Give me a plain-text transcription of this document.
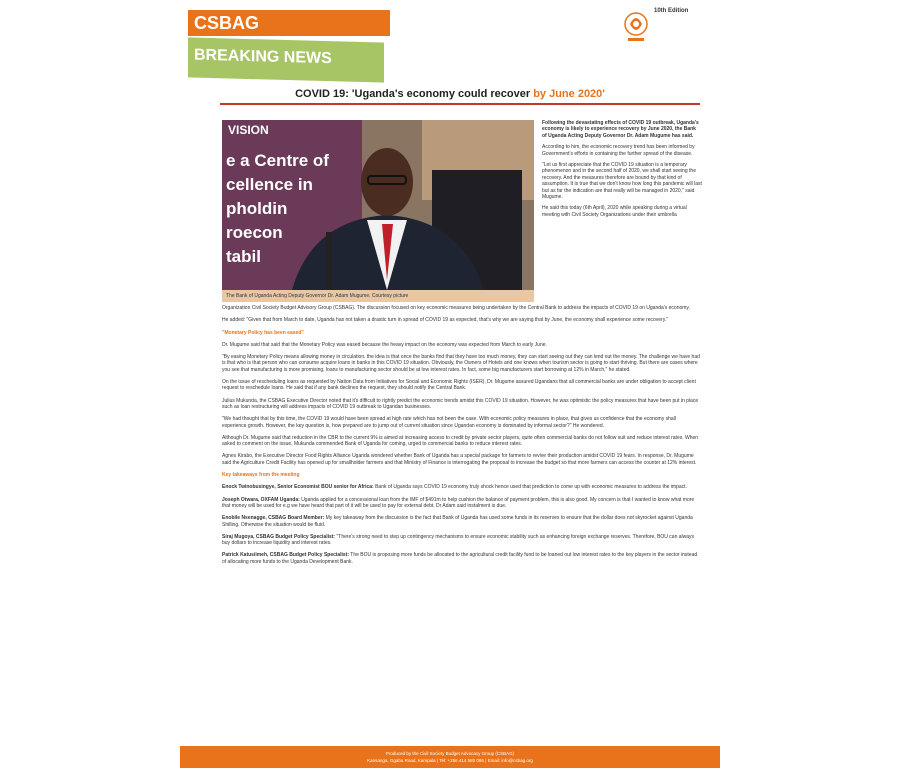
CSBAG
BREAKING NEWS
10th Edition
COVID 19: 'Uganda's economy could recover by June 2020'
VISION
e a Centre of
cellence in
pholdin
roecon
tabil
The Bank of Uganda Acting Deputy Governor Dr. Adam Mugume. Courtesy picture

Following the devastating effects of COVID 19 outbreak, Uganda's economy is likely to experience recovery by June 2020, the Bank of Uganda Acting Deputy Governor Dr. Adam Mugume has said.

According to him, the economic recovery trend has been informed by Government's efforts in containing the further spread of the disease.

"Let us first appreciate that the COVID 19 situation is a temporary phenomenon and in the second half of 2020, we shall start seeing the recovery. And the measures therefore are bound by that kind of assumption. It is true that we don't know how long this pandemic will last but as far the indication are that really will be managed in 2020," said Mugume.

He said this today (6th April), 2020 while speaking during a virtual meeting with Civil Society Organizations under their umbrella

Organization Civil Society Budget Advisory Group (CSBAG). The discussion focused on key economic measures being undertaken by the Central Bank to address the impacts of COVID 19 on Uganda's economy.

He added: "Given that from March to date, Uganda has not taken a drastic turn in spread of COVID 19 as expected, that's why we are saying that by June, the economy shall experience some recovery."

"Monetary Policy has been eased"

Dr. Mugume said that said that the Monetary Policy was eased because the heavy impact on the economy was expected from March to early June.

"By easing Monetary Policy means allowing money in circulation, the idea is that once the banks find that they have too much money, they can start seeing out they can lend out the money. The challenge we have had is that who is that person who can consume acquire loans in banks in this COVID 19 situation. Obviously, the Owners of Hotels and one knows when tourism sector is going to start thriving. But there are cases where you see that manufacturing is more promising, loans to manufacturing sector should be at low interest rates. In fact, some big manufacturers start borrowing at 12% in March," he stated.

On the issue of rescheduling loans as requested by Nation Data from Initiatives for Social and Economic Rights (ISER), Dr. Mugume assured Ugandans that all commercial banks are under obligation to accept client request to reschedule loans. He said that if any bank declines the request, they should notify the Central Bank.

Julius Mukunda, the CSBAG Executive Director noted that it's difficult to rightly predict the economic trends amidst this COVID 19 situation. However, he was optimistic the policy measures that have been put in place such as loan restructuring will address impacts of COVID 19 outbreak to Ugandan businesses.

"We had thought that by this time, the COVID 19 would have been spread at high rate which has not been the case. With economic policy measures in place, that gives us confidence that the economy shall experience growth. However, the key question is, how prepared are to jump out of current situation since Ugandan economy is dominated by informal sector?" He wondered.

Although Dr. Mugume said that reduction in the CBR to the current 9% is aimed at increasing access to credit by private sector players, quite often commercial banks do not follow suit and reduce interest rates. When asked to comment on the issue, Mukunda commended Bank of Uganda for coming, urged to commercial banks to reduce interest rates.

Agnes Kirabo, the Executive Director Food Rights Alliance Uganda wondered whether Bank of Uganda has a special package for farmers to revive their production amidst COVID 19 fears. In response, Dr. Mugume said the Agriculture Credit Facility has opened up for smallholder farmers and that Ministry of Finance is interrogating the proposal to increase the budget so that more farmers can access the counter at 12% interest.

Key takeaways from the meeting

Enock Twinobusingye, Senior Economist BOU senior for Africa: Bank of Uganda says COVID 19 economy truly shock hence used that prediction to come up with economic measures to address the impact.

Joseph Otwara, OXFAM Uganda: Uganda applied for a concessional loan from the IMF of $491m to help cushion the balance of payment problem, this is also good. My concern is that I wanted to know what more that money will be used for e.g we have heard that part of it will be used to pay for external debt. Dr Adam said instalment is due.

Enobile Nsenagge, CSBAG Board Member: My key takeaway from the discussion is the fact that Bank of Uganda has used some funds in its reserves to ensure that the dollar does not skyrocket against Uganda Shilling. Otherwise the situation would be fluid.

Siraj Mugoya, CSBAG Budget Policy Specialist: "There's strong need to step up contingency mechanisms to ensure economic stability such as enhancing foreign exchange reserves. Therefore, BOU can always buy dollars to increase liquidity and interest rates.

Patrick Katusiimeh, CSBAG Budget Policy Specialist: The BOU is proposing more funds be allocated to the agricultural credit facility fund to be loaned out low interest rates to the key players in the sector instead of allocating more funds to the Uganda Development Bank.

Produced by the Civil Society Budget Advocacy Group (CSBAG)
Kansanga, Ggaba Road, Kampala | Tel: +256 414 580 086 | Email: info@csbag.org
